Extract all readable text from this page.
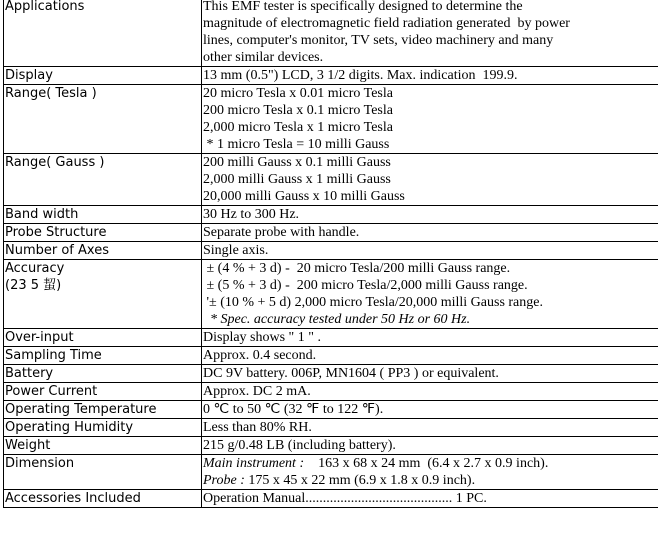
Applications	This EMF tester is specifically designed to determine the
magnitude of electromagnetic field radiation generated  by power
lines, computer's monitor, TV sets, video machinery and many
other similar devices.

Display	13 mm (0.5") LCD, 3 1/2 digits. Max. indication  199.9.

Range( Tesla )	20 micro Tesla x 0.01 micro Tesla
200 micro Tesla x 0.1 micro Tesla
2,000 micro Tesla x 1 micro Tesla
* 1 micro Tesla = 10 milli Gauss

Range( Gauss )	200 milli Gauss x 0.1 milli Gauss
2,000 milli Gauss x 1 milli Gauss
20,000 milli Gauss x 10 milli Gauss

Band width	30 Hz to 300 Hz.

Probe Structure	Separate probe with handle.

Number of Axes	Single axis.

Accuracy
(23 5 蛪)	± (4 % + 3 d) -  20 micro Tesla/200 milli Gauss range.
± (5 % + 3 d) -  200 micro Tesla/2,000 milli Gauss range.
'± (10 % + 5 d) 2,000 micro Tesla/20,000 milli Gauss range.
* Spec. accuracy tested under 50 Hz or 60 Hz.

Over-input	Display shows " 1 " .

Sampling Time	Approx. 0.4 second.

Battery	DC 9V battery. 006P, MN1604 ( PP3 ) or equivalent.

Power Current	Approx. DC 2 mA.

Operating Temperature	0 ℃ to 50 ℃ (32 ℉ to 122 ℉).

Operating Humidity	Less than 80% RH.

Weight	215 g/0.48 LB (including battery).

Dimension	Main instrument :    163 x 68 x 24 mm  (6.4 x 2.7 x 0.9 inch).
Probe : 175 x 45 x 22 mm (6.9 x 1.8 x 0.9 inch).

Accessories Included	Operation Manual.......................................... 1 PC.
